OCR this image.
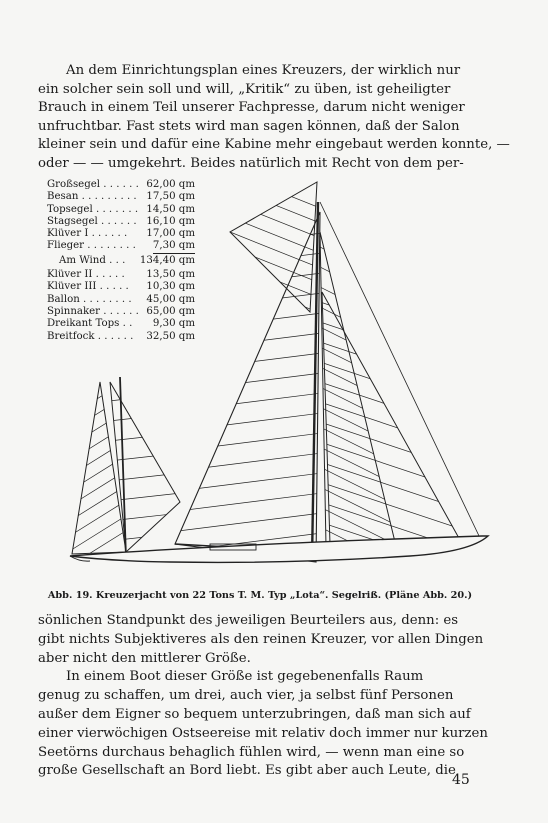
An dem Einrichtungsplan eines Kreuzers, der wirklich nur
ein solcher sein soll und will, „Kritik“ zu üben, ist geheiligter
Brauch in einem Teil unserer Fachpresse, darum nicht weniger
unfruchtbar. Fast stets wird man sagen können, daß der Salon
kleiner sein und dafür eine Kabine mehr eingebaut werden konnte, —
oder — — umgekehrt. Beides natürlich mit Recht von dem per-
Großsegel . . . . . . 62,00 qm
Besan . . . . . . . . . 17,50 qm
Topsegel . . . . . . . 14,50 qm
Stagsegel . . . . . . 16,10 qm
Klüver I . . . . . . 17,00 qm
Flieger . . . . . . . . 7,30 qm
Am Wind . . . 134,40 qm
Klüver II . . . . . 13,50 qm
Klüver III . . . . . 10,30 qm
Ballon . . . . . . . . 45,00 qm
Spinnaker . . . . . . 65,00 qm
Dreikant Tops . . 9,30 qm
Breitfock . . . . . . 32,50 qm
Abb. 19. Kreuzerjacht von 22 Tons T. M. Typ „Lota“. Segelriß. (Pläne Abb. 20.)
sönlichen Standpunkt des jeweiligen Beurteilers aus, denn: es
gibt nichts Subjektiveres als den reinen Kreuzer, vor allen Dingen
aber nicht den mittlerer Größe.
In einem Boot dieser Größe ist gegebenenfalls Raum
genug zu schaffen, um drei, auch vier, ja selbst fünf Personen
außer dem Eigner so bequem unterzubringen, daß man sich auf
einer vierwöchigen Ostseereise mit relativ doch immer nur kurzen
Seetörns durchaus behaglich fühlen wird, — wenn man eine so
große Gesellschaft an Bord liebt. Es gibt aber auch Leute, die
45
